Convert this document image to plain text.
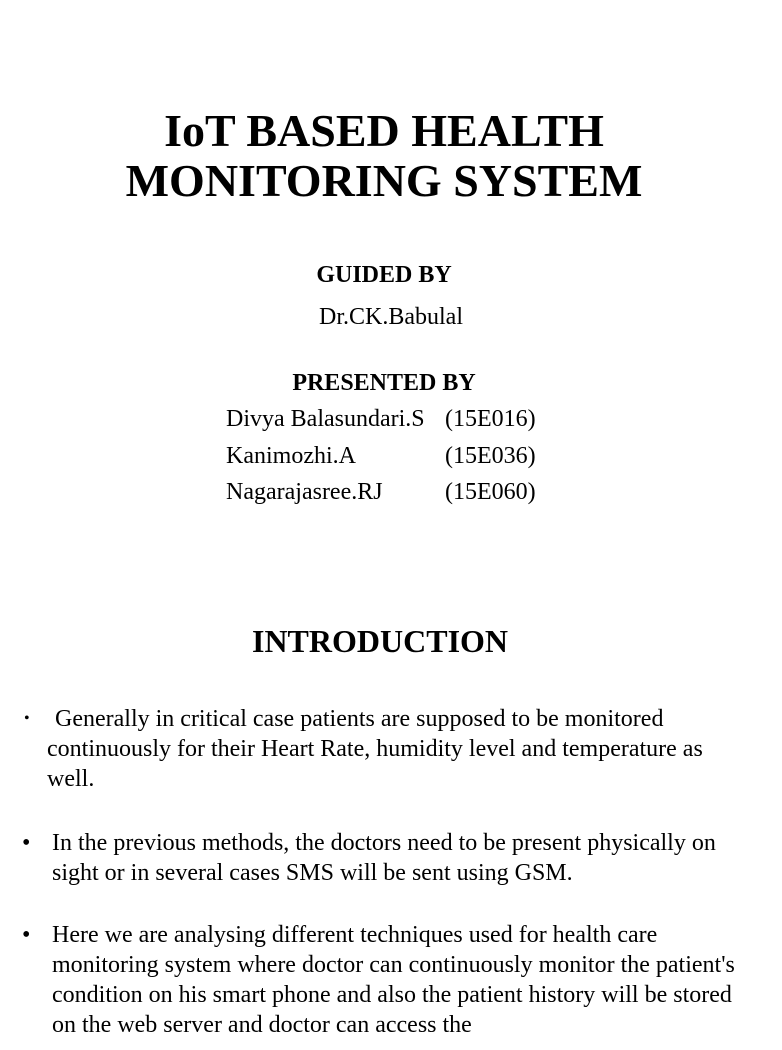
IoT BASED HEALTH
MONITORING SYSTEM
GUIDED BY
Dr.CK.Babulal
PRESENTED BY
Divya Balasundari.S (15E016)
Kanimozhi.A	(15E036)
Nagarajasree.RJ	(15E060)
INTRODUCTION
•	Generally in critical case patients are supposed to be monitored continuously for their Heart Rate, humidity level and temperature as well.
• In the previous methods, the doctors need to be present physically on sight or in several cases SMS will be sent using GSM.
• Here we are analysing different techniques used for health care monitoring system where doctor can continuously monitor the patient's condition on his smart phone and also the patient history will be stored on the web server and doctor can access the
